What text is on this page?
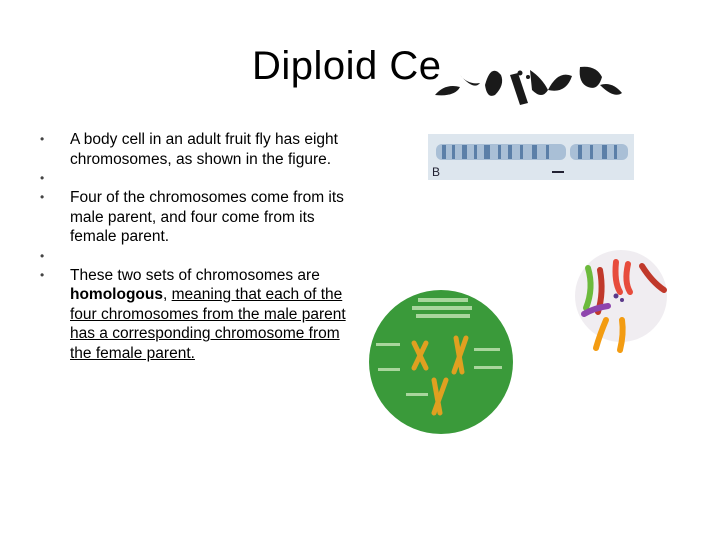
Diploid Ce
B
• A body cell in an adult fruit fly has eight chromosomes, as shown in the figure.
•
• Four of the chromosomes come from its male parent, and four come from its female parent.
•
• These two sets of chromosomes are homologous, meaning that each of the four chromosomes from the male parent has a corresponding chromosome from the female parent.
